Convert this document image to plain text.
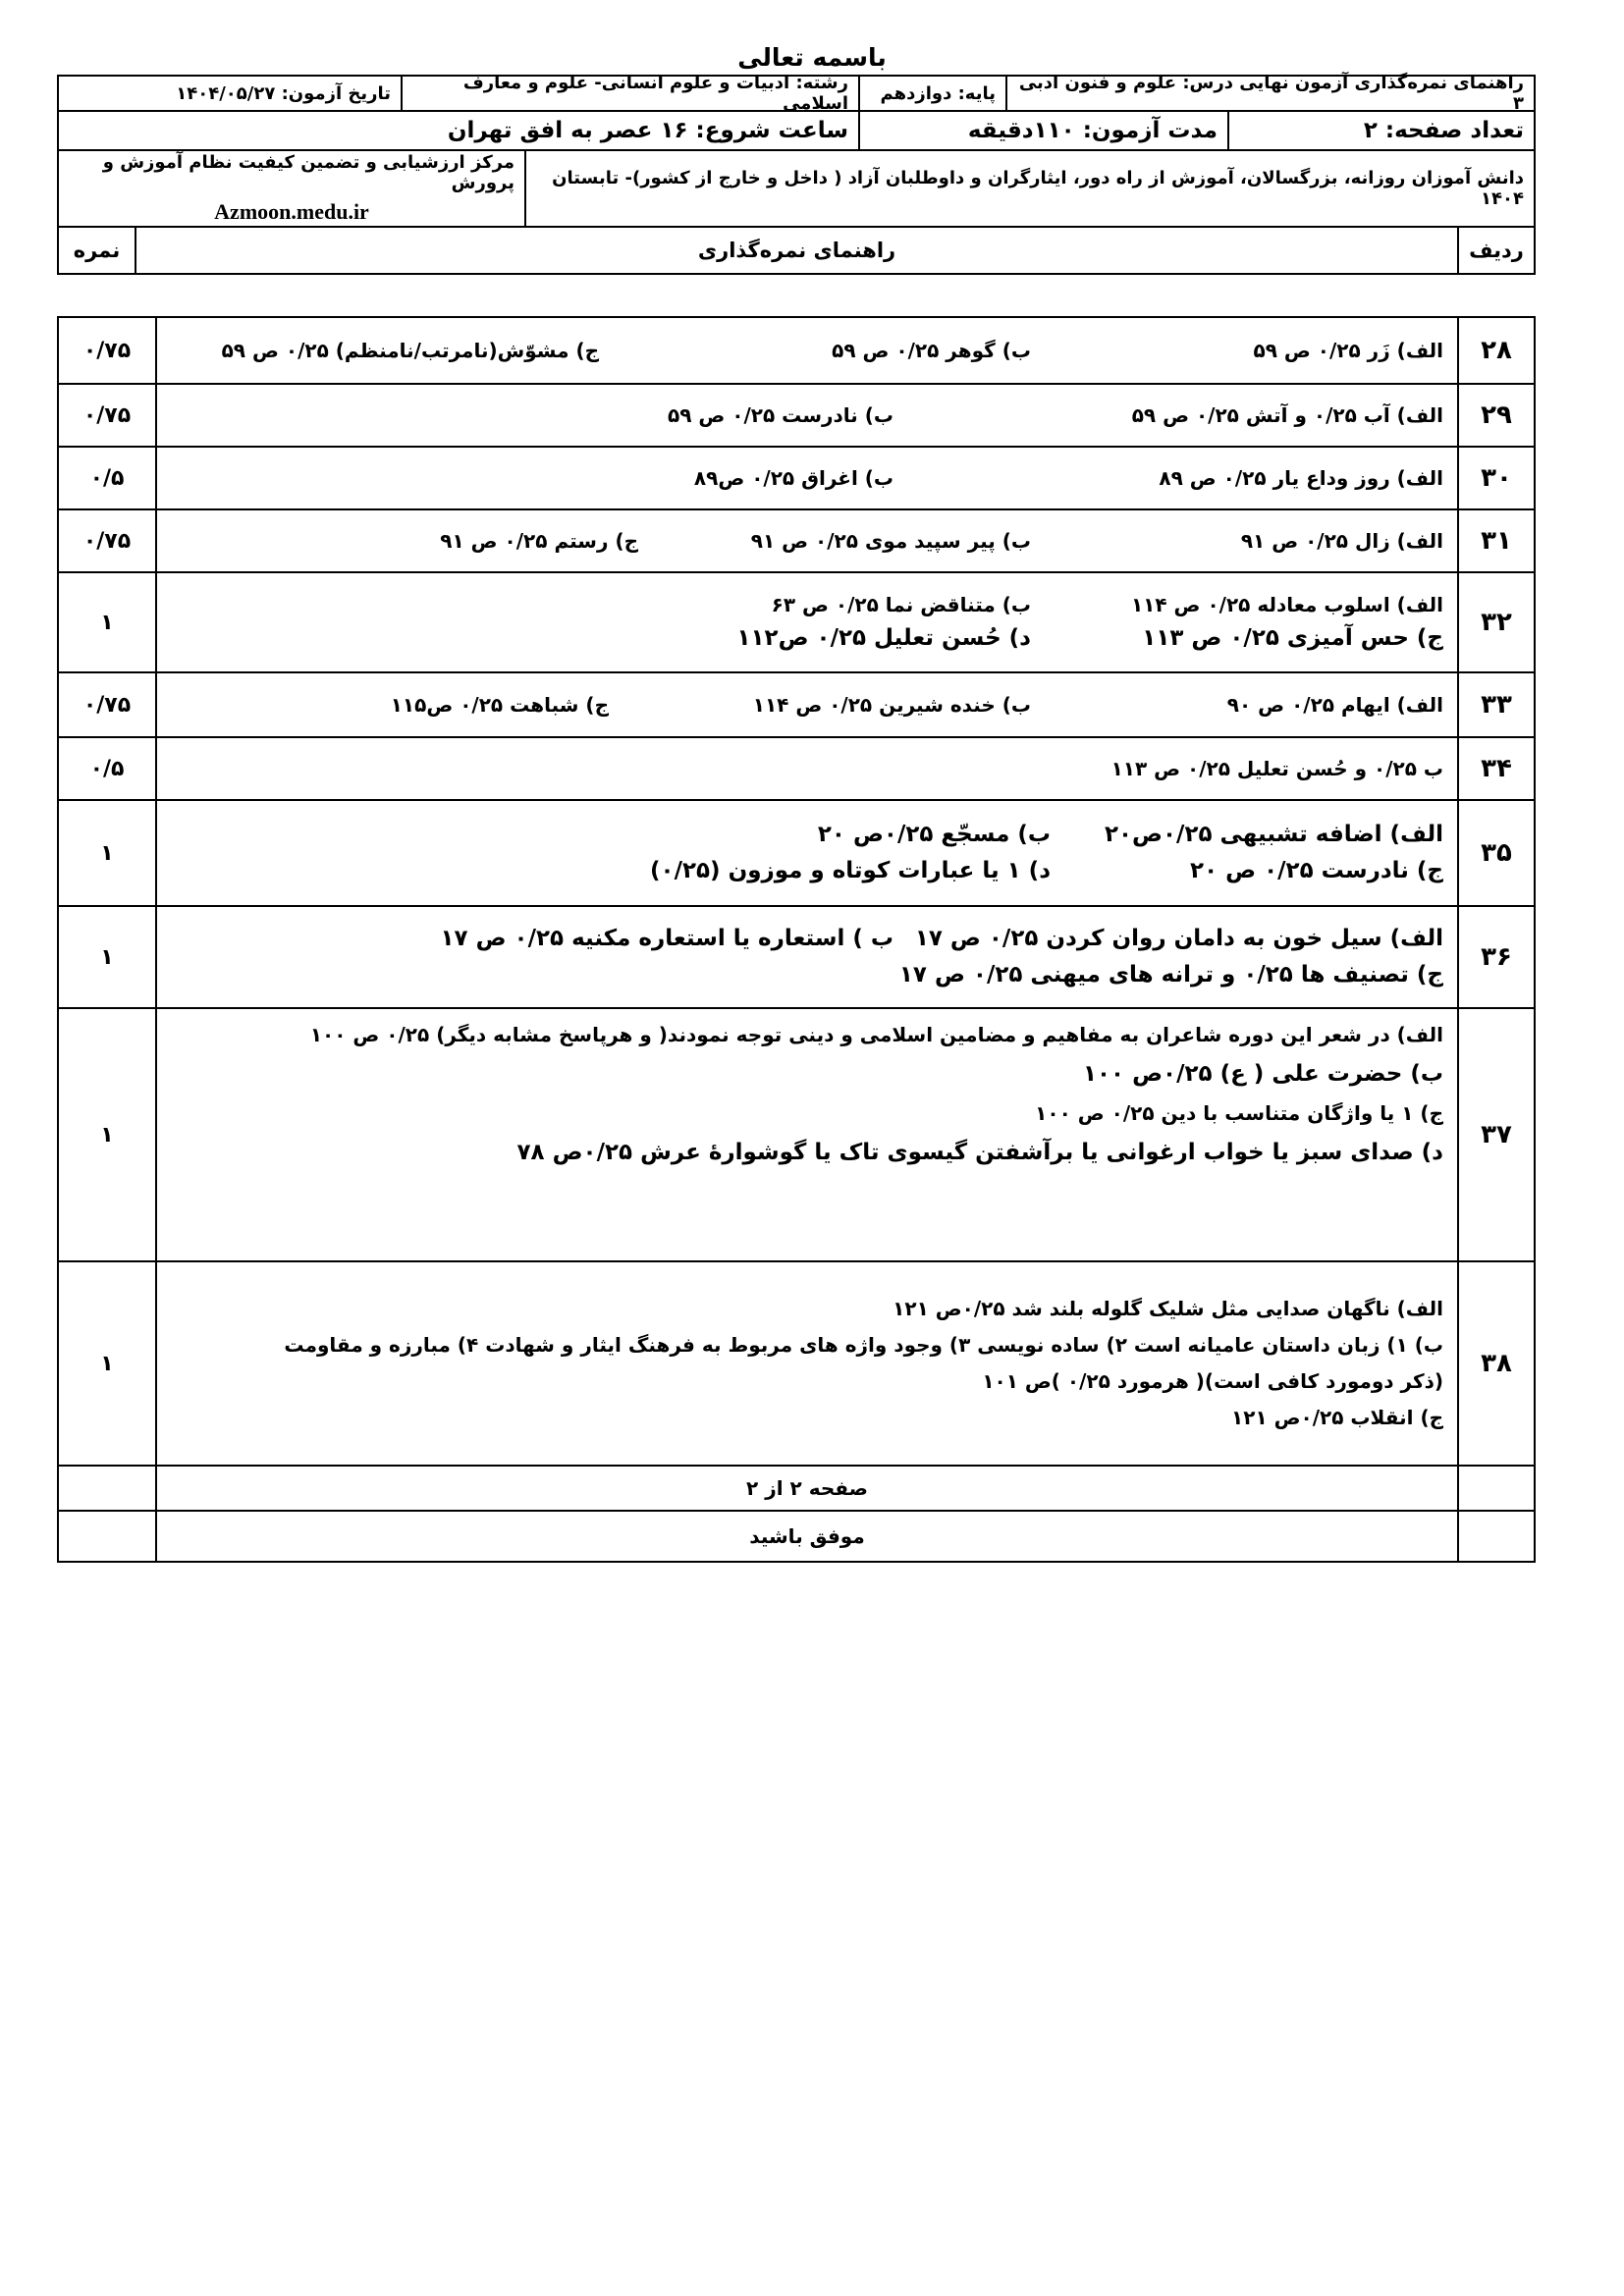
باسمه تعالی
راهنمای نمره‌گذاری آزمون نهایی درس: علوم و فنون ادبی ۳
پایه: دوازدهم
رشته: ادبیات و علوم انسانی- علوم و معارف اسلامی
تاریخ آزمون: ۱۴۰۴/۰۵/۲۷
تعداد صفحه: ۲
مدت آزمون: ۱۱۰دقیقه
ساعت شروع: ۱۶ عصر به افق تهران
دانش آموزان روزانه، بزرگسالان، آموزش از راه دور، ایثارگران و داوطلبان آزاد ( داخل و خارج از کشور)- تابستان ۱۴۰۴
مرکز ارزشیابی و تضمین کیفیت نظام آموزش و پرورش
Azmoon.medu.ir
ردیف
راهنمای نمره‌گذاری
نمره
۲۸
الف) زَر ۰/۲۵ ص ۵۹
ب) گوهر ۰/۲۵ ص ۵۹
ج) مشوّش(نامرتب/نامنظم) ۰/۲۵ ص ۵۹
۰/۷۵
۲۹
الف) آب ۰/۲۵ و آتش ۰/۲۵ ص ۵۹
ب) نادرست ۰/۲۵ ص ۵۹
۰/۷۵
۳۰
الف) روز وداع یار ۰/۲۵ ص ۸۹
ب) اغراق ۰/۲۵ ص۸۹
۰/۵
۳۱
الف) زال ۰/۲۵ ص ۹۱
ب) پیر سپید موی ۰/۲۵ ص ۹۱
ج) رستم ۰/۲۵ ص ۹۱
۰/۷۵
۳۲
الف) اسلوب معادله ۰/۲۵ ص ۱۱۴
ب) متناقض نما ۰/۲۵ ص ۶۳
ج) حس آمیزی ۰/۲۵ ص ۱۱۳
د) حُسن تعلیل ۰/۲۵ ص۱۱۲
۱
۳۳
الف) ایهام ۰/۲۵ ص ۹۰
ب) خنده شیرین ۰/۲۵ ص ۱۱۴
ج) شباهت ۰/۲۵ ص۱۱۵
۰/۷۵
۳۴
ب ۰/۲۵ و حُسن تعلیل ۰/۲۵ ص ۱۱۳
۰/۵
۳۵
الف) اضافه تشبیهی ۰/۲۵ص۲۰
ب) مسجّع ۰/۲۵ص ۲۰
ج) نادرست ۰/۲۵ ص ۲۰
د) ۱ یا عبارات کوتاه و موزون (۰/۲۵)
۱
۳۶
الف) سیل خون به دامان روان کردن ۰/۲۵ ص ۱۷
ب ) استعاره یا استعاره مکنیه ۰/۲۵ ص ۱۷
ج) تصنیف ها ۰/۲۵ و ترانه های میهنی ۰/۲۵ ص ۱۷
۱
۳۷
الف) در شعر این دوره شاعران به مفاهیم و مضامین اسلامی و دینی توجه نمودند( و هرپاسخ مشابه دیگر) ۰/۲۵ ص ۱۰۰
ب) حضرت علی ( ع) ۰/۲۵ص ۱۰۰
ج) ۱ یا واژگان متناسب با دین ۰/۲۵ ص ۱۰۰
د) صدای سبز یا خواب ارغوانی یا برآشفتن گیسوی تاک یا گوشوارهٔ عرش ۰/۲۵ص ۷۸
۱
۳۸
الف) ناگهان صدایی مثل شلیک گلوله بلند شد ۰/۲۵ص ۱۲۱
ب) ۱) زبان داستان عامیانه است ۲) ساده نویسی ۳) وجود واژه های مربوط به فرهنگ ایثار و شهادت ۴) مبارزه و مقاومت
(ذکر دومورد کافی است)( هرمورد ۰/۲۵ )ص ۱۰۱
ج) انقلاب ۰/۲۵ص ۱۲۱
۱
صفحه ۲ از ۲
موفق باشید
